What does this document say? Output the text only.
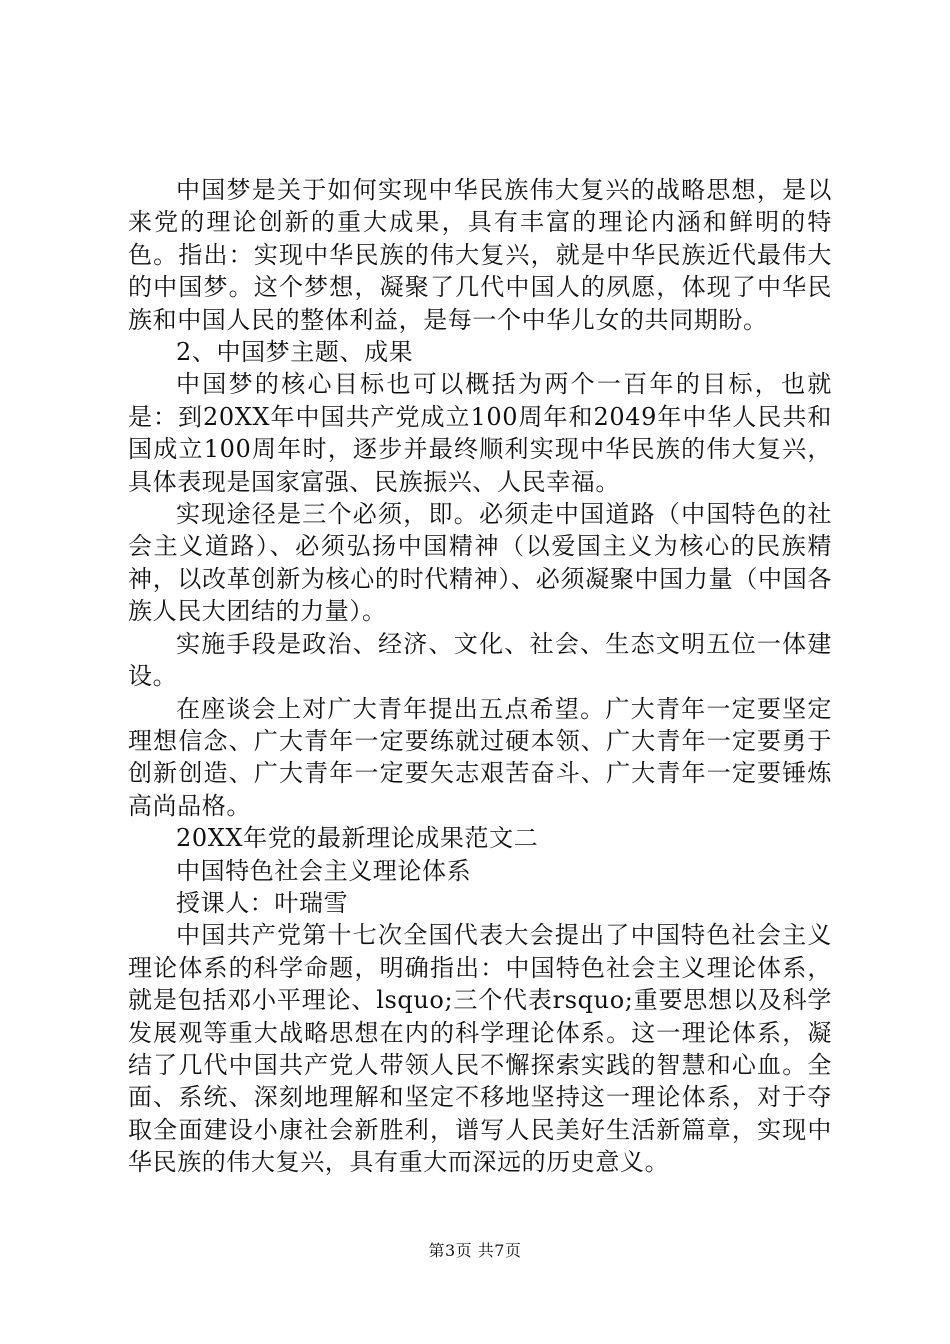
中国梦是关于如何实现中华民族伟大复兴的战略思想，是以来党的理论创新的重大成果，具有丰富的理论内涵和鲜明的特色。指出：实现中华民族的伟大复兴，就是中华民族近代最伟大的中国梦。这个梦想，凝聚了几代中国人的夙愿，体现了中华民族和中国人民的整体利益，是每一个中华儿女的共同期盼。

2、中国梦主题、成果

中国梦的核心目标也可以概括为两个一百年的目标，也就是：到20XX年中国共产党成立100周年和2049年中华人民共和国成立100周年时，逐步并最终顺利实现中华民族的伟大复兴，具体表现是国家富强、民族振兴、人民幸福。

实现途径是三个必须，即。必须走中国道路（中国特色的社会主义道路）、必须弘扬中国精神（以爱国主义为核心的民族精神，以改革创新为核心的时代精神）、必须凝聚中国力量（中国各族人民大团结的力量）。

实施手段是政治、经济、文化、社会、生态文明五位一体建设。

在座谈会上对广大青年提出五点希望。广大青年一定要坚定理想信念、广大青年一定要练就过硬本领、广大青年一定要勇于创新创造、广大青年一定要矢志艰苦奋斗、广大青年一定要锤炼高尚品格。

20XX年党的最新理论成果范文二

中国特色社会主义理论体系

授课人：叶瑞雪

中国共产党第十七次全国代表大会提出了中国特色社会主义理论体系的科学命题，明确指出：中国特色社会主义理论体系，就是包括邓小平理论、lsquo;三个代表rsquo;重要思想以及科学发展观等重大战略思想在内的科学理论体系。这一理论体系，凝结了几代中国共产党人带领人民不懈探索实践的智慧和心血。全面、系统、深刻地理解和坚定不移地坚持这一理论体系，对于夺取全面建设小康社会新胜利，谱写人民美好生活新篇章，实现中华民族的伟大复兴，具有重大而深远的历史意义。

第3页 共7页
